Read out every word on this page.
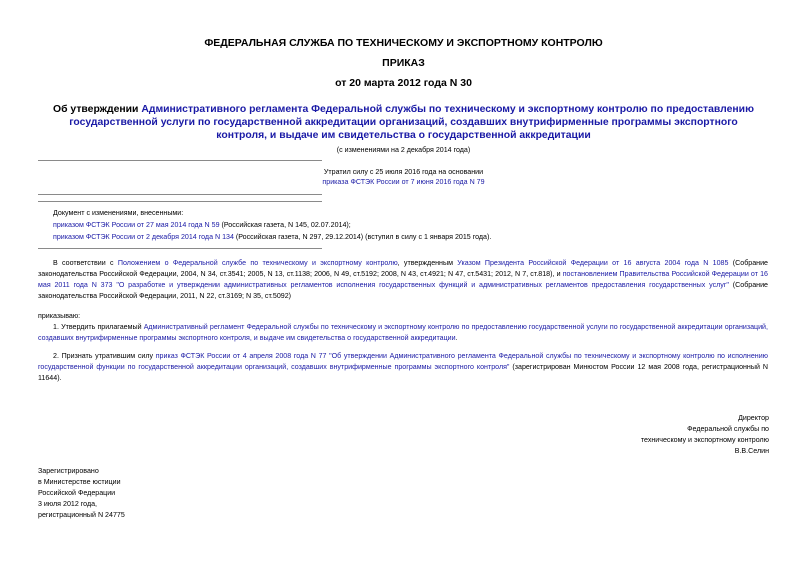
ФЕДЕРАЛЬНАЯ СЛУЖБА ПО ТЕХНИЧЕСКОМУ И ЭКСПОРТНОМУ КОНТРОЛЮ
ПРИКАЗ
от 20 марта 2012 года N 30
Об утверждении Административного регламента Федеральной службы по техническому и экспортному контролю по предоставлению государственной услуги по государственной аккредитации организаций, создавших внутрифирменные программы экспортного контроля, и выдаче им свидетельства о государственной аккредитации
(с изменениями на 2 декабря 2014 года)
Утратил силу с 25 июля 2016 года на основании
приказа ФСТЭК России от 7 июня 2016 года N 79
Документ с изменениями, внесенными:
приказом ФСТЭК России от 27 мая 2014 года N 59 (Российская газета, N 145, 02.07.2014);
приказом ФСТЭК России от 2 декабря 2014 года N 134 (Российская газета, N 297, 29.12.2014) (вступил в силу с 1 января 2015 года).
В соответствии с Положением о Федеральной службе по техническому и экспортному контролю, утвержденным Указом Президента Российской Федерации от 16 августа 2004 года N 1085 (Собрание законодательства Российской Федерации, 2004, N 34, ст.3541; 2005, N 13, ст.1138; 2006, N 49, ст.5192; 2008, N 43, ст.4921; N 47, ст.5431; 2012, N 7, ст.818), и постановлением Правительства Российской Федерации от 16 мая 2011 года N 373 "О разработке и утверждении административных регламентов исполнения государственных функций и административных регламентов предоставления государственных услуг" (Собрание законодательства Российской Федерации, 2011, N 22, ст.3169; N 35, ст.5092)
приказываю:
1. Утвердить прилагаемый Административный регламент Федеральной службы по техническому и экспортному контролю по предоставлению государственной услуги по государственной аккредитации организаций, создавших внутрифирменные программы экспортного контроля, и выдаче им свидетельства о государственной аккредитации.
2. Признать утратившим силу приказ ФСТЭК России от 4 апреля 2008 года N 77 "Об утверждении Административного регламента Федеральной службы по техническому и экспортному контролю по исполнению государственной функции по государственной аккредитации организаций, создавших внутрифирменные программы экспортного контроля" (зарегистрирован Минюстом России 12 мая 2008 года, регистрационный N 11644).

Директор

Федеральной службы по

техническому и экспортному контролю

В.В.Селин

Зарегистрировано

в Министерстве юстиции

Российской Федерации

3 июля 2012 года,

регистрационный N 24775
